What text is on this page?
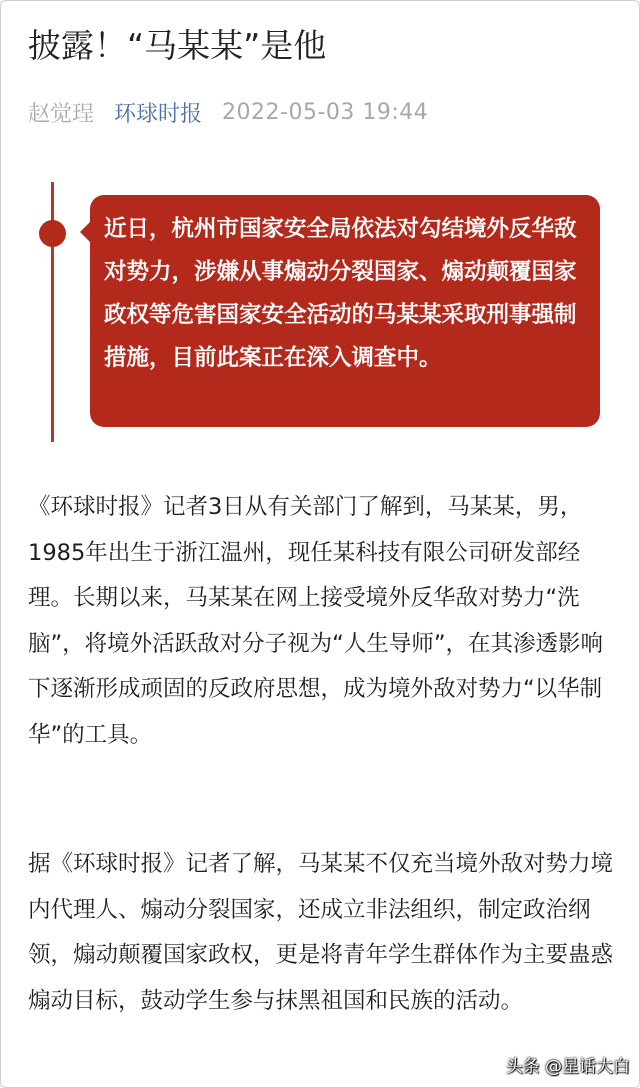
披露！“马某某”是他
赵觉珵 环球时报 2022-05-03 19:44
近日，杭州市国家安全局依法对勾结境外反华敌对势力，涉嫌从事煽动分裂国家、煽动颠覆国家政权等危害国家安全活动的马某某采取刑事强制措施，目前此案正在深入调查中。

《环球时报》记者3日从有关部门了解到，马某某，男，1985年出生于浙江温州，现任某科技有限公司研发部经理。长期以来，马某某在网上接受境外反华敌对势力“洗脑”，将境外活跃敌对分子视为“人生导师”，在其渗透影响下逐渐形成顽固的反政府思想，成为境外敌对势力“以华制华”的工具。

据《环球时报》记者了解，马某某不仅充当境外敌对势力境内代理人、煽动分裂国家，还成立非法组织，制定政治纲领，煽动颠覆国家政权，更是将青年学生群体作为主要蛊惑煽动目标，鼓动学生参与抹黑祖国和民族的活动。

头条 @星话大白
